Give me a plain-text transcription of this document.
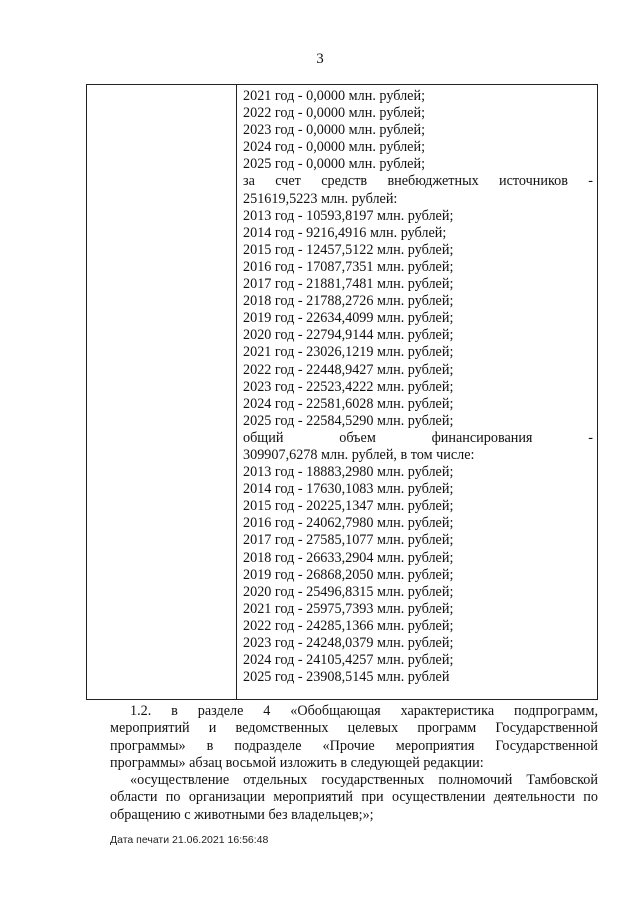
3
2021 год - 0,0000 млн. рублей;
2022 год - 0,0000 млн. рублей;
2023 год - 0,0000 млн. рублей;
2024 год - 0,0000 млн. рублей;
2025 год - 0,0000 млн. рублей;
за счет средств внебюджетных источников -
251619,5223 млн. рублей:
2013 год - 10593,8197 млн. рублей;
2014 год - 9216,4916 млн. рублей;
2015 год - 12457,5122 млн. рублей;
2016 год - 17087,7351 млн. рублей;
2017 год - 21881,7481 млн. рублей;
2018 год - 21788,2726 млн. рублей;
2019 год - 22634,4099 млн. рублей;
2020 год - 22794,9144 млн. рублей;
2021 год - 23026,1219 млн. рублей;
2022 год - 22448,9427 млн. рублей;
2023 год - 22523,4222 млн. рублей;
2024 год - 22581,6028 млн. рублей;
2025 год - 22584,5290 млн. рублей;
общий объем финансирования -
309907,6278 млн. рублей, в том числе:
2013 год - 18883,2980 млн. рублей;
2014 год - 17630,1083 млн. рублей;
2015 год - 20225,1347 млн. рублей;
2016 год - 24062,7980 млн. рублей;
2017 год - 27585,1077 млн. рублей;
2018 год - 26633,2904 млн. рублей;
2019 год - 26868,2050 млн. рублей;
2020 год - 25496,8315 млн. рублей;
2021 год - 25975,7393 млн. рублей;
2022 год - 24285,1366 млн. рублей;
2023 год - 24248,0379 млн. рублей;
2024 год - 24105,4257 млн. рублей;
2025 год - 23908,5145 млн. рублей
1.2. в разделе 4 «Обобщающая характеристика подпрограмм,
мероприятий и ведомственных целевых программ Государственной
программы» в подразделе «Прочие мероприятия Государственной
программы» абзац восьмой изложить в следующей редакции:
«осуществление отдельных государственных полномочий Тамбовской
области по организации мероприятий при осуществлении деятельности по
обращению с животными без владельцев;»;
Дата печати 21.06.2021 16:56:48
